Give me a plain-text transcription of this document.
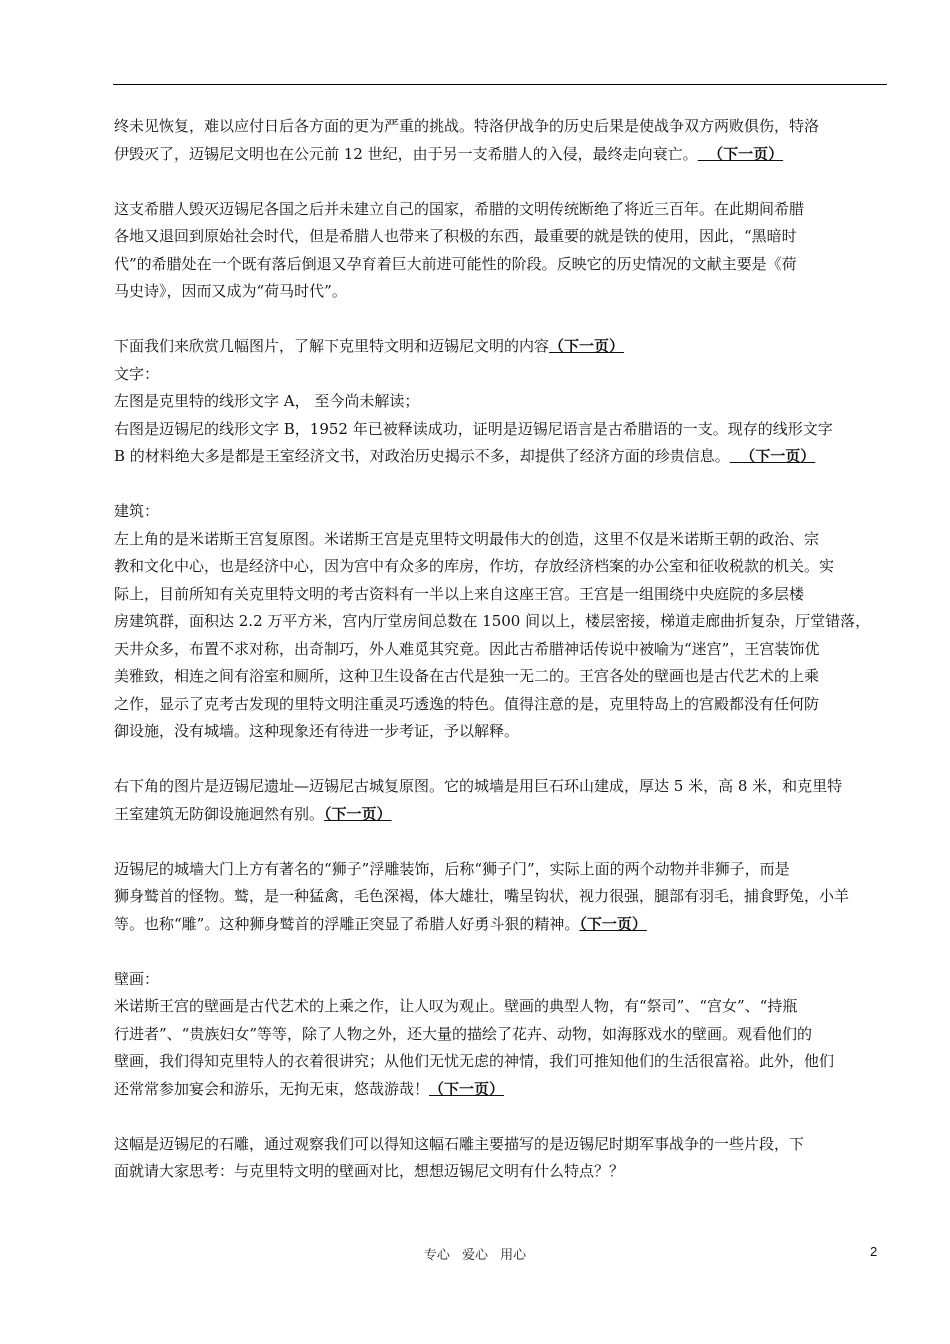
终未见恢复，难以应付日后各方面的更为严重的挑战。特洛伊战争的历史后果是使战争双方两败俱伤，特洛
伊毁灭了，迈锡尼文明也在公元前 12 世纪，由于另一支希腊人的入侵，最终走向衰亡。  （下一页）

这支希腊人毁灭迈锡尼各国之后并未建立自己的国家，希腊的文明传统断绝了将近三百年。在此期间希腊
各地又退回到原始社会时代，但是希腊人也带来了积极的东西，最重要的就是铁的使用，因此，“黑暗时
代”的希腊处在一个既有落后倒退又孕育着巨大前进可能性的阶段。反映它的历史情况的文献主要是《荷
马史诗》，因而又成为“荷马时代”。

下面我们来欣赏几幅图片，了解下克里特文明和迈锡尼文明的内容（下一页）
文字：
左图是克里特的线形文字 A， 至今尚未解读；
右图是迈锡尼的线形文字 B，1952 年已被释读成功，证明是迈锡尼语言是古希腊语的一支。现存的线形文字
B 的材料绝大多是都是王室经济文书，对政治历史揭示不多，却提供了经济方面的珍贵信息。  （下一页）

建筑：
左上角的是米诺斯王宫复原图。米诺斯王宫是克里特文明最伟大的创造，这里不仅是米诺斯王朝的政治、宗
教和文化中心，也是经济中心，因为宫中有众多的库房，作坊，存放经济档案的办公室和征收税款的机关。实
际上，目前所知有关克里特文明的考古资料有一半以上来自这座王宫。王宫是一组围绕中央庭院的多层楼
房建筑群，面积达 2.2 万平方米，宫内厅堂房间总数在 1500 间以上，楼层密接，梯道走廊曲折复杂，厅堂错落，
天井众多，布置不求对称，出奇制巧，外人难觅其究竟。因此古希腊神话传说中被喻为“迷宫”，王宫装饰优
美雅致，相连之间有浴室和厕所，这种卫生设备在古代是独一无二的。王宫各处的壁画也是古代艺术的上乘
之作，显示了克考古发现的里特文明注重灵巧透逸的特色。值得注意的是，克里特岛上的宫殿都没有任何防
御设施，没有城墙。这种现象还有待进一步考证，予以解释。

右下角的图片是迈锡尼遗址—迈锡尼古城复原图。它的城墙是用巨石环山建成，厚达 5 米，高 8 米，和克里特
王室建筑无防御设施迥然有别。（下一页）

迈锡尼的城墙大门上方有著名的“狮子”浮雕装饰，后称“狮子门”，实际上面的两个动物并非狮子，而是
狮身鹫首的怪物。鹫，是一种猛禽，毛色深褐，体大雄壮，嘴呈钩状，视力很强，腿部有羽毛，捕食野兔，小羊
等。也称“雕”。这种狮身鹫首的浮雕正突显了希腊人好勇斗狠的精神。（下一页）

壁画：
米诺斯王宫的壁画是古代艺术的上乘之作，让人叹为观止。壁画的典型人物，有“祭司”、“宫女”、“持瓶
行进者”、“贵族妇女”等等，除了人物之外，还大量的描绘了花卉、动物，如海豚戏水的壁画。观看他们的
壁画，我们得知克里特人的衣着很讲究；从他们无忧无虑的神情，我们可推知他们的生活很富裕。此外，他们
还常常参加宴会和游乐，无拘无束，悠哉游哉！（下一页）

这幅是迈锡尼的石雕，通过观察我们可以得知这幅石雕主要描写的是迈锡尼时期军事战争的一些片段，下
面就请大家思考：与克里特文明的壁画对比，想想迈锡尼文明有什么特点？？

专心 爱心 用心	2
